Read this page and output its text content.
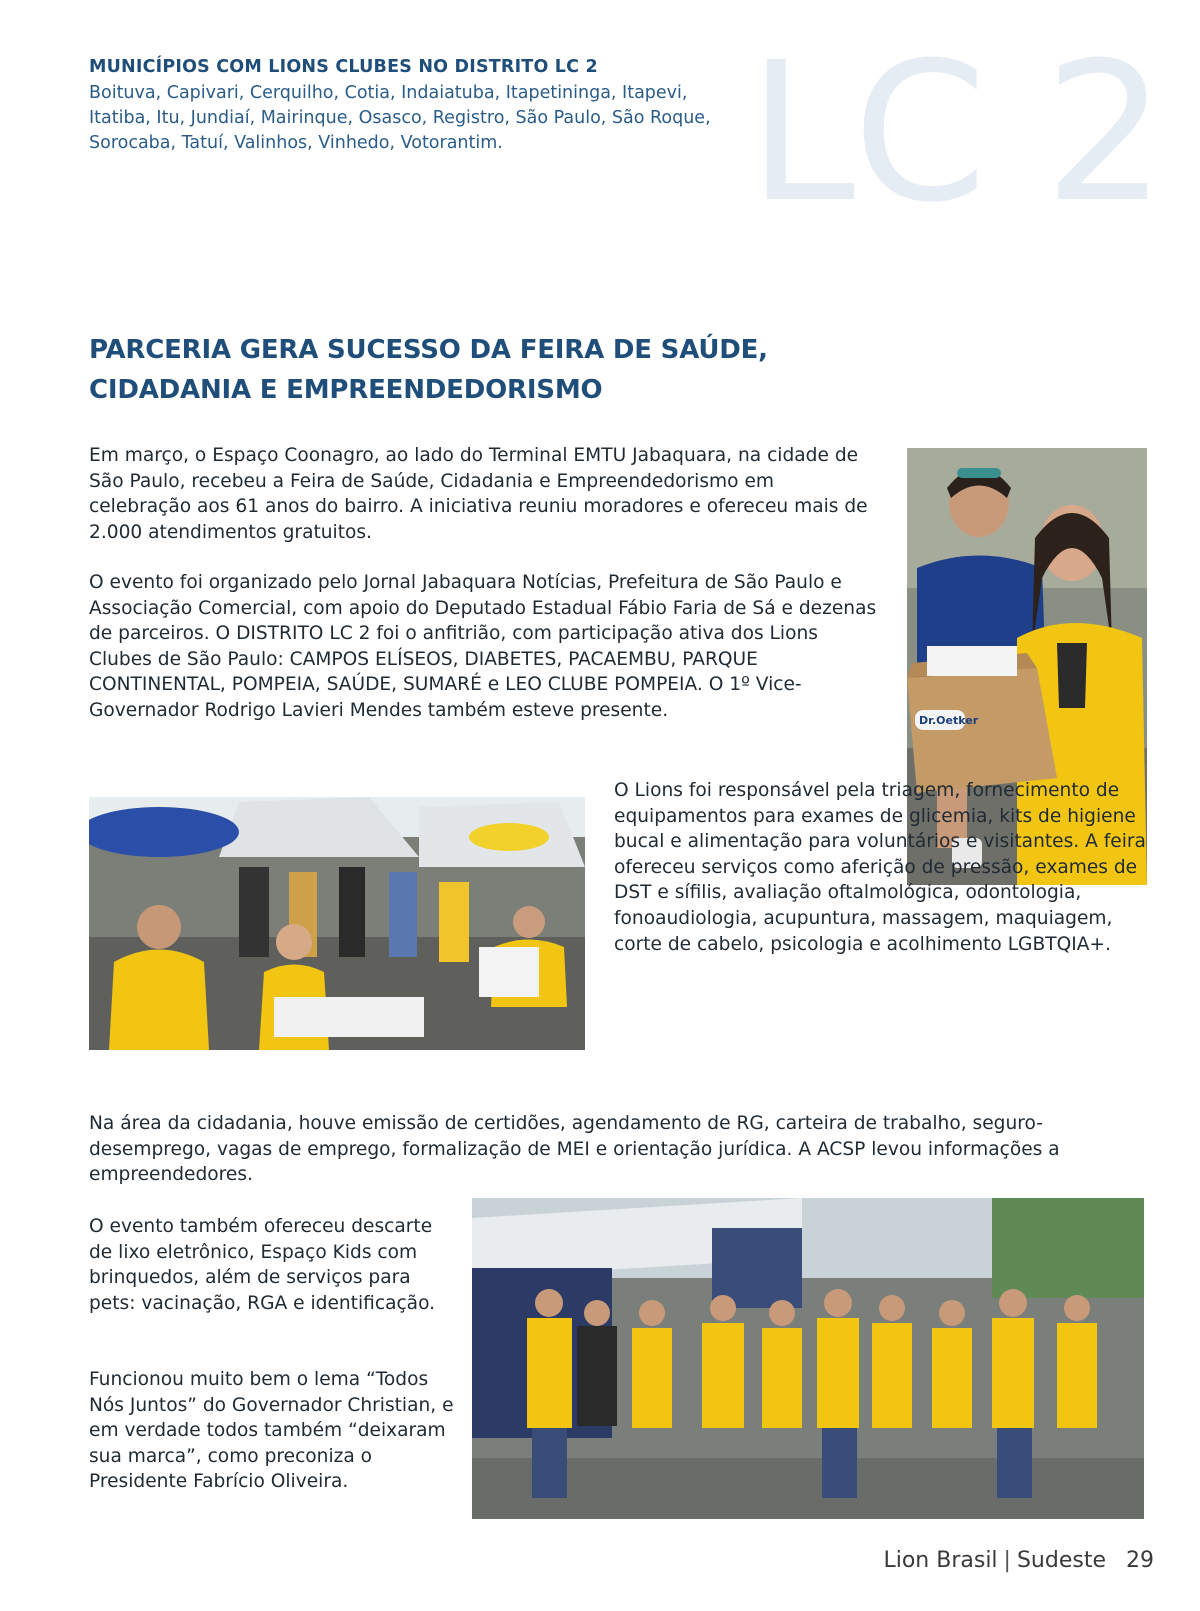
MUNICÍPIOS COM LIONS CLUBES NO DISTRITO LC 2

Boituva, Capivari, Cerquilho, Cotia, Indaiatuba, Itapetininga, Itapevi, Itatiba, Itu, Jundiaí, Mairinque, Osasco, Registro, São Paulo, São Roque, Sorocaba, Tatuí, Valinhos, Vinhedo, Votorantim.	LC 2
PARCERIA GERA SUCESSO DA FEIRA DE SAÚDE,
CIDADANIA E EMPREENDEDORISMO

Em março, o Espaço Coonagro, ao lado do Terminal EMTU Jabaquara, na cidade de São Paulo, recebeu a Feira de Saúde, Cidadania e Empreendedorismo em celebração aos 61 anos do bairro. A iniciativa reuniu moradores e ofereceu mais de 2.000 atendimentos gratuitos.

O evento foi organizado pelo Jornal Jabaquara Notícias, Prefeitura de São Paulo e Associação Comercial, com apoio do Deputado Estadual Fábio Faria de Sá e dezenas de parceiros. O DISTRITO LC 2 foi o anfitrião, com participação ativa dos Lions Clubes de São Paulo: CAMPOS ELÍSEOS, DIABETES, PACAEMBU, PARQUE CONTINENTAL, POMPEIA, SAÚDE, SUMARÉ e LEO CLUBE POMPEIA. O 1º Vice-Governador Rodrigo Lavieri Mendes também esteve presente.	Dr.Oetker

O Lions foi responsável pela triagem, fornecimento de equipamentos para exames de glicemia, kits de higiene bucal e alimentação para voluntários e visitantes. A feira ofereceu serviços como aferição de pressão, exames de DST e sífilis, avaliação oftalmológica, odontologia, fonoaudiologia, acupuntura, massagem, maquiagem, corte de cabelo, psicologia e acolhimento LGBTQIA+.

Na área da cidadania, houve emissão de certidões, agendamento de RG, carteira de trabalho, seguro-desemprego, vagas de emprego, formalização de MEI e orientação jurídica. A ACSP levou informações a empreendedores.

O evento também ofereceu descarte de lixo eletrônico, Espaço Kids com brinquedos, além de serviços para pets: vacinação, RGA e identificação.

Funcionou muito bem o lema “Todos Nós Juntos” do Governador Christian, e em verdade todos também “deixaram sua marca”, como preconiza o Presidente Fabrício Oliveira.

Lion Brasil | Sudeste 29
